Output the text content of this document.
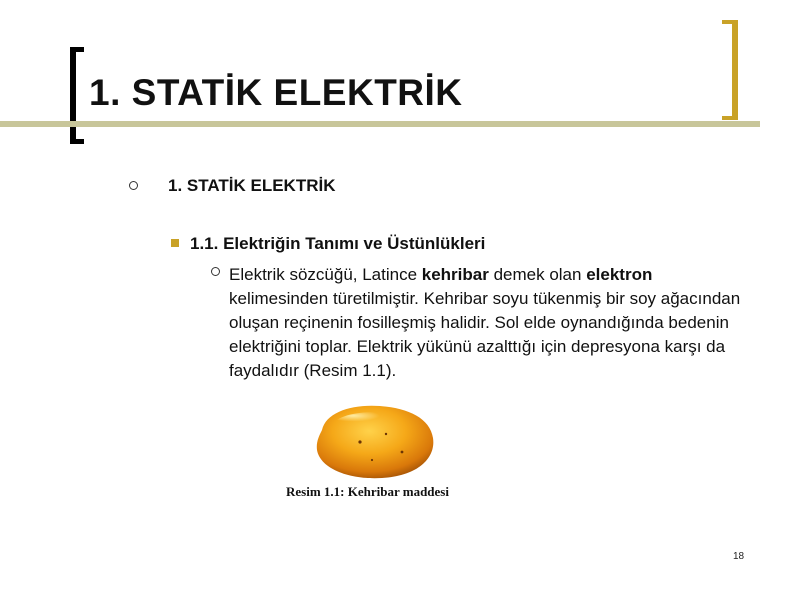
1. STATİK ELEKTRİK
1. STATİK ELEKTRİK
1.1. Elektriğin Tanımı ve Üstünlükleri

Elektrik sözcüğü, Latince kehribar demek olan elektron kelimesinden türetilmiştir. Kehribar soyu tükenmiş bir soy ağacından oluşan reçinenin fosilleşmiş halidir. Sol elde oynandığında bedenin elektriğini toplar. Elektrik yükünü azalttığı için depresyona karşı da faydalıdır (Resim 1.1).

Resim 1.1: Kehribar maddesi
18
